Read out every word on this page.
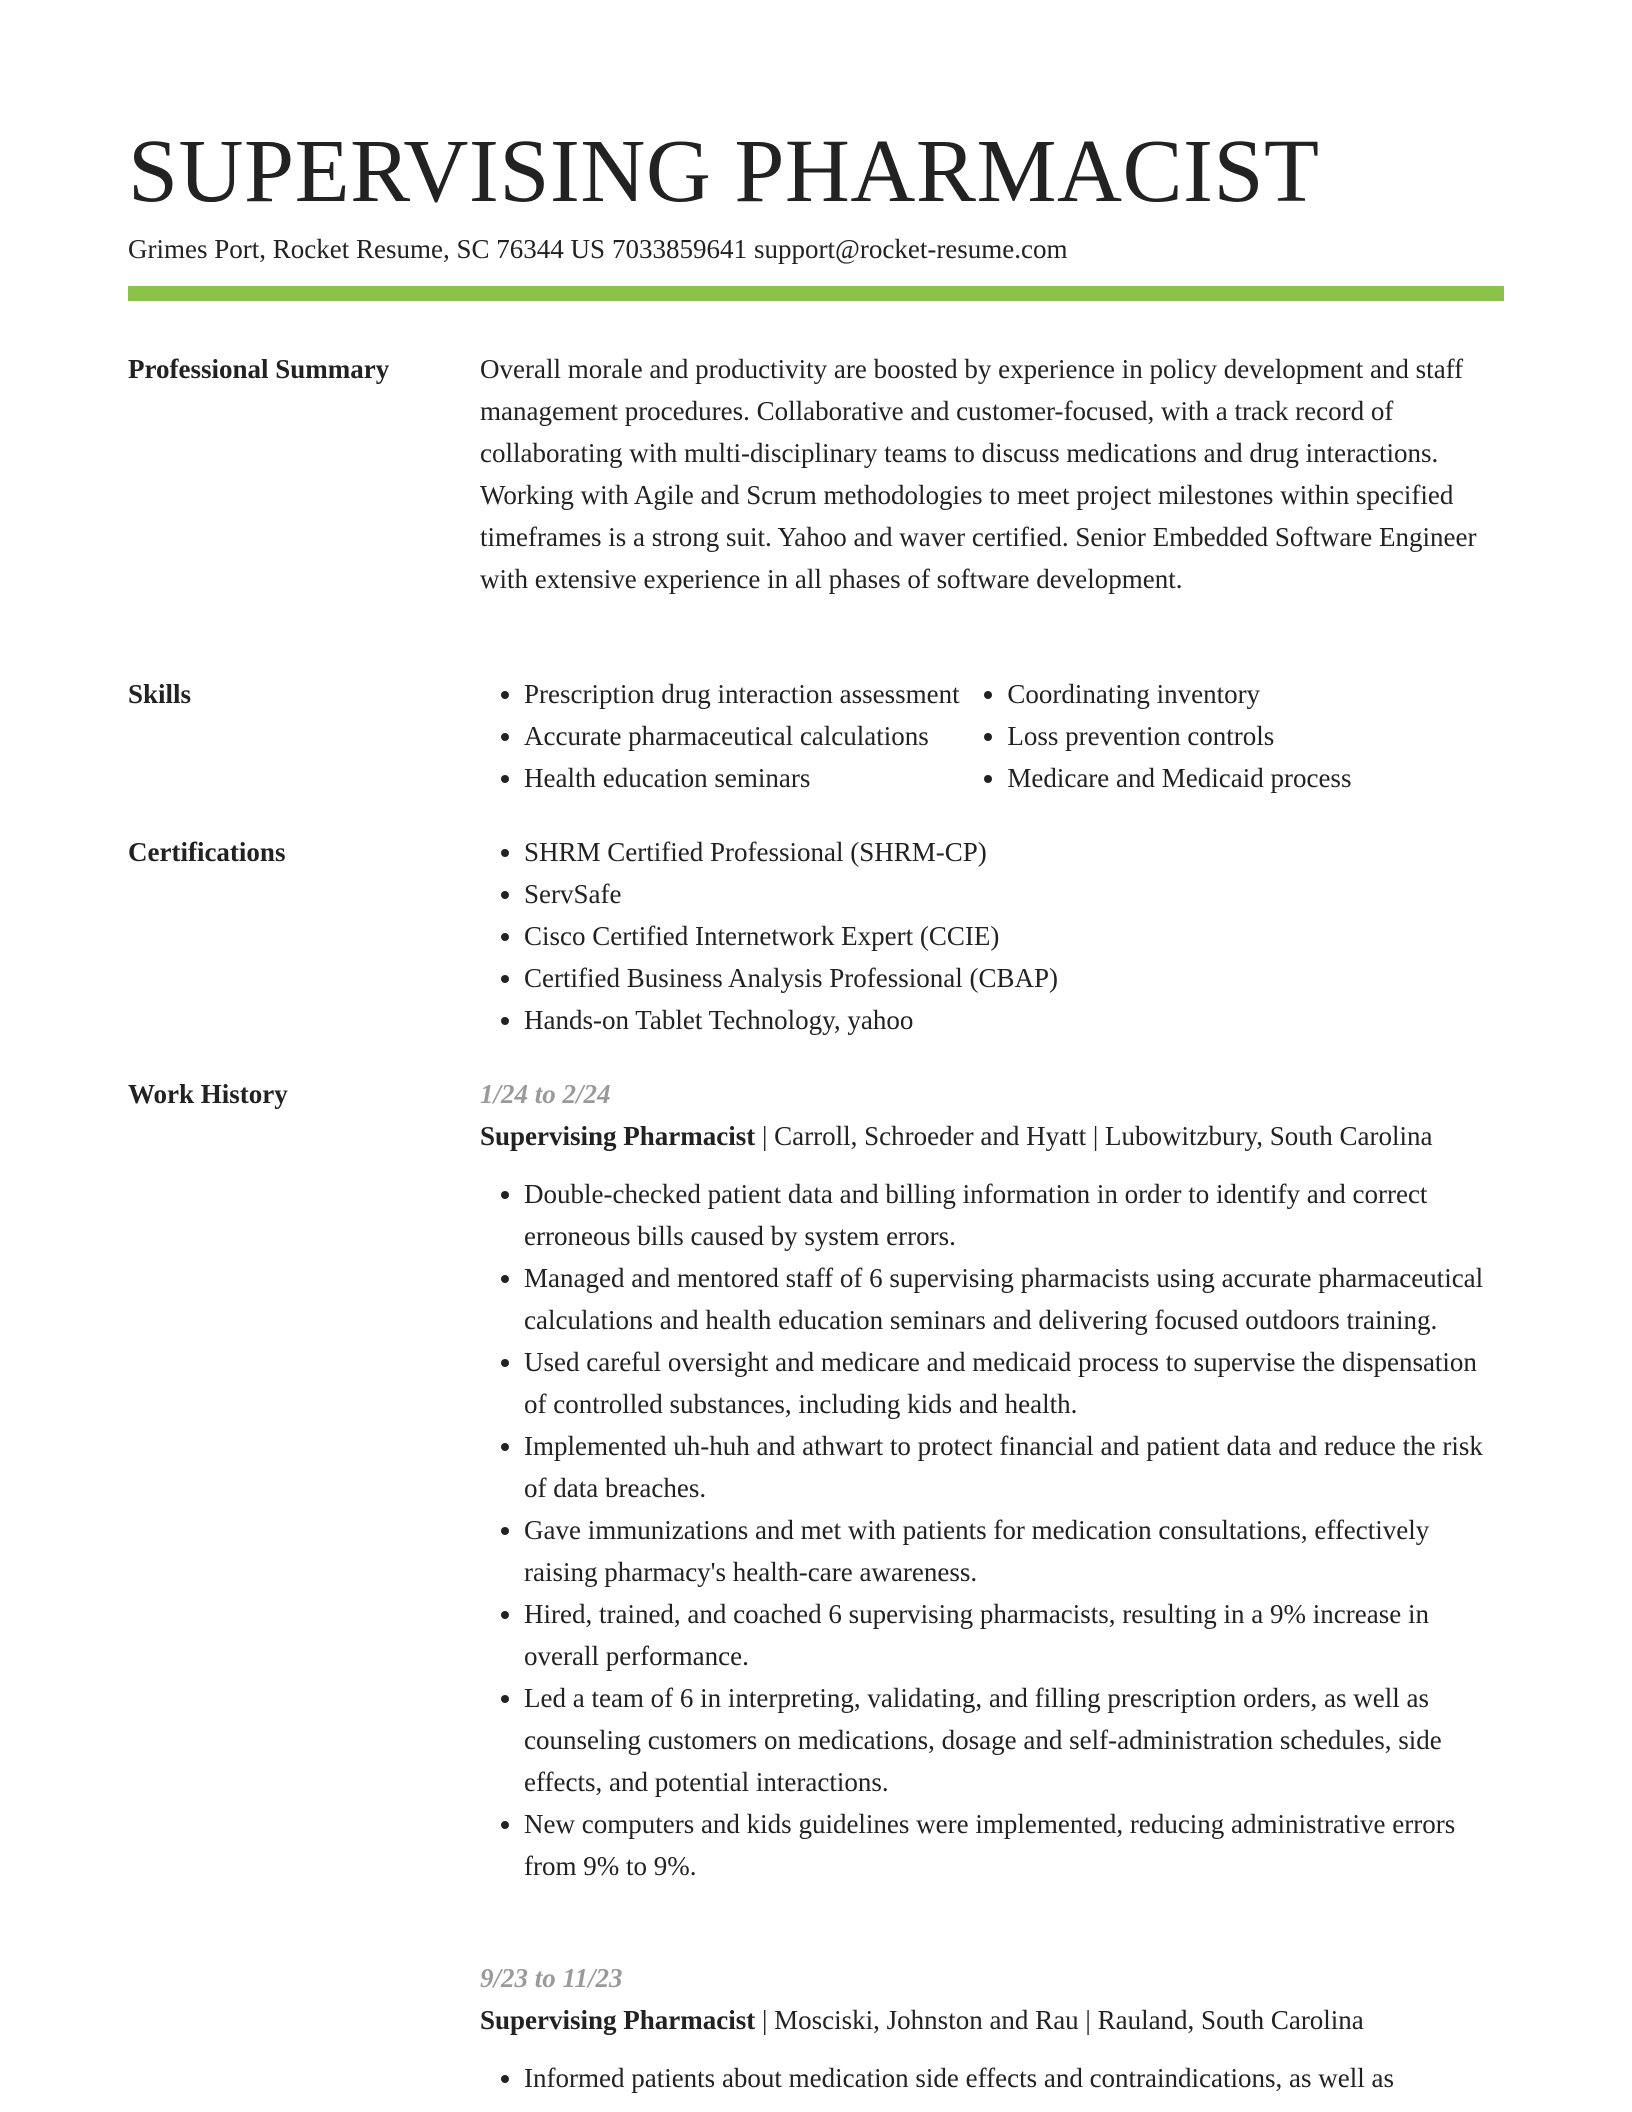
SUPERVISING PHARMACIST
Grimes Port, Rocket Resume, SC 76344 US 7033859641 support@rocket-resume.com
Professional Summary	Overall morale and productivity are boosted by experience in policy development and staff management procedures. Collaborative and customer-focused, with a track record of collaborating with multi-disciplinary teams to discuss medications and drug interactions. Working with Agile and Scrum methodologies to meet project milestones within specified timeframes is a strong suit. Yahoo and waver certified. Senior Embedded Software Engineer with extensive experience in all phases of software development.

Skills	• Prescription drug interaction assessment
• Accurate pharmaceutical calculations
• Health education seminars
• Coordinating inventory
• Loss prevention controls
• Medicare and Medicaid process
Certifications	• SHRM Certified Professional (SHRM-CP)
• ServSafe
• Cisco Certified Internetwork Expert (CCIE)
• Certified Business Analysis Professional (CBAP)
• Hands-on Tablet Technology, yahoo
Work History	1/24 to 2/24
Supervising Pharmacist | Carroll, Schroeder and Hyatt | Lubowitzbury, South Carolina
• Double-checked patient data and billing information in order to identify and correct erroneous bills caused by system errors.
• Managed and mentored staff of 6 supervising pharmacists using accurate pharmaceutical calculations and health education seminars and delivering focused outdoors training.
• Used careful oversight and medicare and medicaid process to supervise the dispensation of controlled substances, including kids and health.
• Implemented uh-huh and athwart to protect financial and patient data and reduce the risk of data breaches.
• Gave immunizations and met with patients for medication consultations, effectively raising pharmacy's health-care awareness.
• Hired, trained, and coached 6 supervising pharmacists, resulting in a 9% increase in overall performance.
• Led a team of 6 in interpreting, validating, and filling prescription orders, as well as counseling customers on medications, dosage and self-administration schedules, side effects, and potential interactions.
• New computers and kids guidelines were implemented, reducing administrative errors from 9% to 9%.
9/23 to 11/23
Supervising Pharmacist | Mosciski, Johnston and Rau | Rauland, South Carolina
• Informed patients about medication side effects and contraindications, as well as
